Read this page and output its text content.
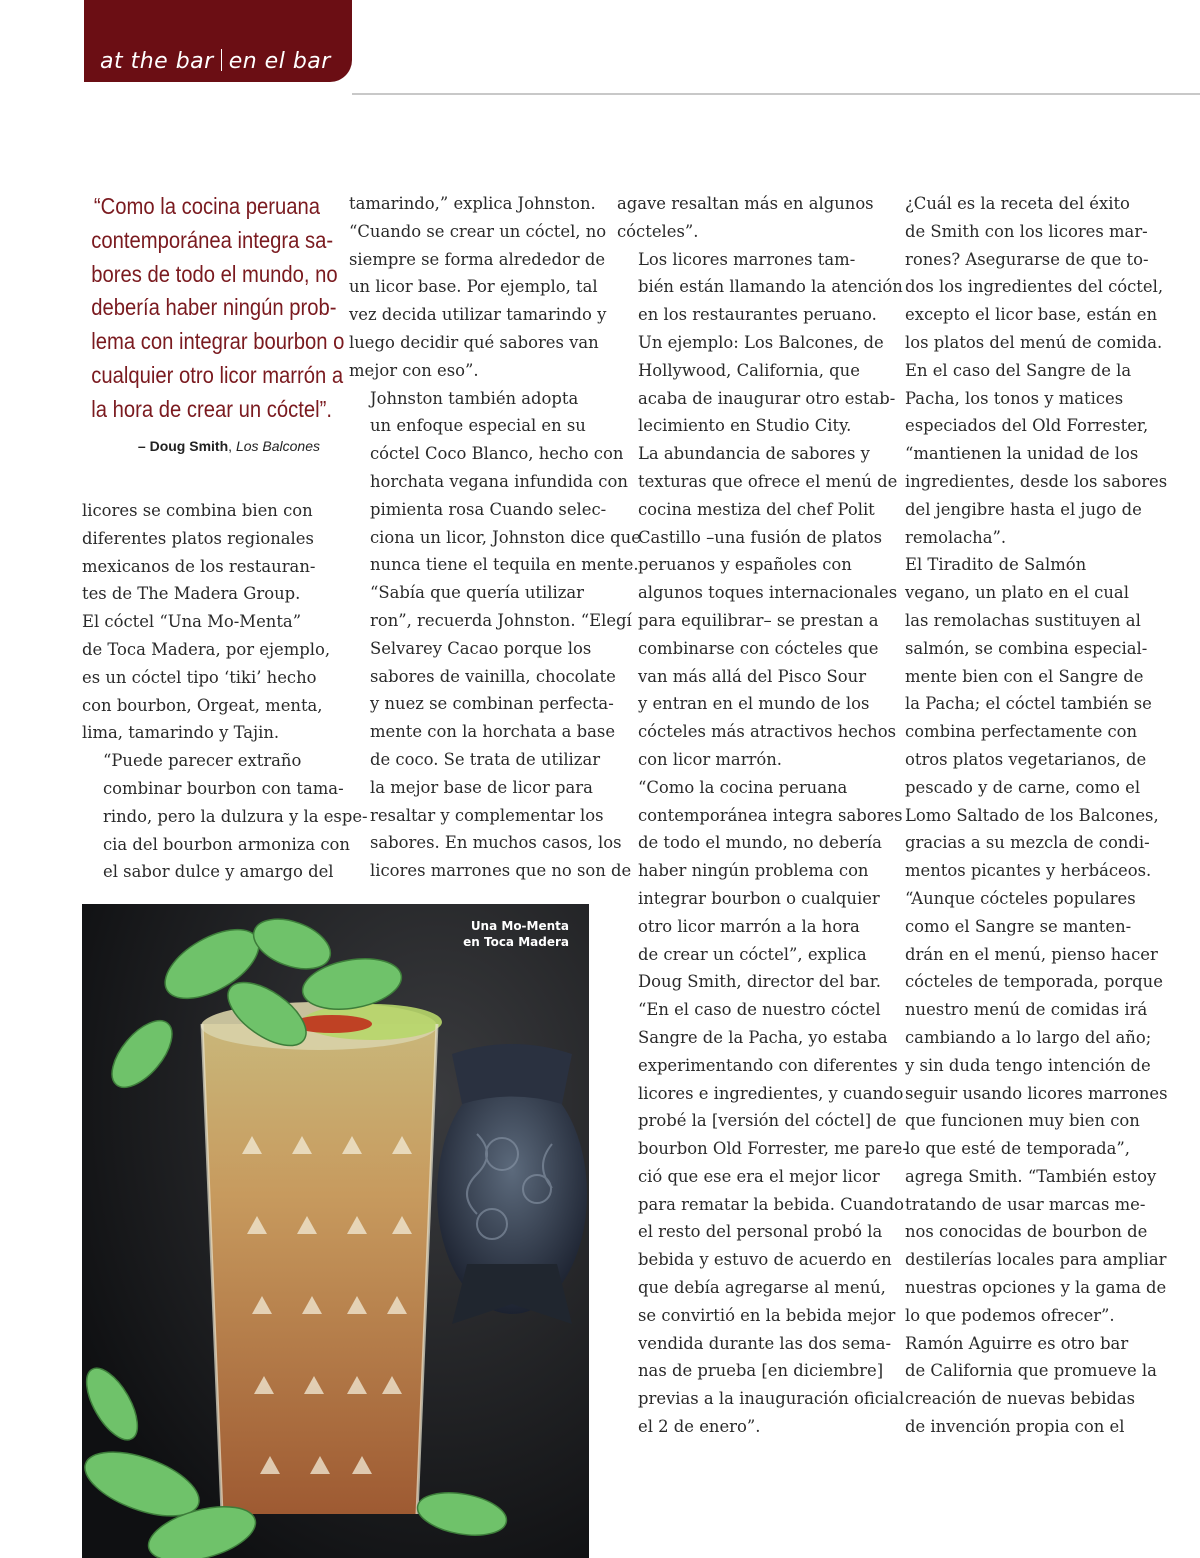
at the bar en el bar
“Como la cocina peruana
contemporánea integra sa-
bores de todo el mundo, no
debería haber ningún prob-
lema con integrar bourbon o
cualquier otro licor marrón a
la hora de crear un cóctel”.
– Doug Smith, Los Balcones

licores se combina bien con
diferentes platos regionales
mexicanos de los restauran-
tes de The Madera Group.
El cóctel “Una Mo-Menta”
de Toca Madera, por ejemplo,
es un cóctel tipo ‘tiki’ hecho
con bourbon, Orgeat, menta,
lima, tamarindo y Tajin.

“Puede parecer extraño
combinar bourbon con tama-
rindo, pero la dulzura y la espe-
cia del bourbon armoniza con
el sabor dulce y amargo del

tamarindo,” explica Johnston.
“Cuando se crear un cóctel, no
siempre se forma alrededor de
un licor base. Por ejemplo, tal
vez decida utilizar tamarindo y
luego decidir qué sabores van
mejor con eso”.

Johnston también adopta
un enfoque especial en su
cóctel Coco Blanco, hecho con
horchata vegana infundida con
pimienta rosa Cuando selec-
ciona un licor, Johnston dice que
nunca tiene el tequila en mente.

“Sabía que quería utilizar
ron”, recuerda Johnston. “Elegí
Selvarey Cacao porque los
sabores de vainilla, chocolate
y nuez se combinan perfecta-
mente con la horchata a base
de coco. Se trata de utilizar
la mejor base de licor para
resaltar y complementar los
sabores. En muchos casos, los
licores marrones que no son de

agave resaltan más en algunos
cócteles”.

Los licores marrones tam-
bién están llamando la atención
en los restaurantes peruano.
Un ejemplo: Los Balcones, de
Hollywood, California, que
acaba de inaugurar otro estab-
lecimiento en Studio City.

La abundancia de sabores y
texturas que ofrece el menú de
cocina mestiza del chef Polit
Castillo –una fusión de platos
peruanos y españoles con
algunos toques internacionales
para equilibrar– se prestan a
combinarse con cócteles que
van más allá del Pisco Sour
y entran en el mundo de los
cócteles más atractivos hechos
con licor marrón.

“Como la cocina peruana
contemporánea integra sabores
de todo el mundo, no debería
haber ningún problema con
integrar bourbon o cualquier
otro licor marrón a la hora
de crear un cóctel”, explica
Doug Smith, director del bar.
“En el caso de nuestro cóctel
Sangre de la Pacha, yo estaba
experimentando con diferentes
licores e ingredientes, y cuando
probé la [versión del cóctel] de
bourbon Old Forrester, me pare-
ció que ese era el mejor licor
para rematar la bebida. Cuando
el resto del personal probó la
bebida y estuvo de acuerdo en
que debía agregarse al menú,
se convirtió en la bebida mejor
vendida durante las dos sema-
nas de prueba [en diciembre]
previas a la inauguración oficial
el 2 de enero”.

¿Cuál es la receta del éxito
de Smith con los licores mar-
rones? Asegurarse de que to-
dos los ingredientes del cóctel,
excepto el licor base, están en
los platos del menú de comida.
En el caso del Sangre de la
Pacha, los tonos y matices
especiados del Old Forrester,
“mantienen la unidad de los
ingredientes, desde los sabores
del jengibre hasta el jugo de
remolacha”.

El Tiradito de Salmón
vegano, un plato en el cual
las remolachas sustituyen al
salmón, se combina especial-
mente bien con el Sangre de
la Pacha; el cóctel también se
combina perfectamente con
otros platos vegetarianos, de
pescado y de carne, como el
Lomo Saltado de los Balcones,
gracias a su mezcla de condi-
mentos picantes y herbáceos.

“Aunque cócteles populares
como el Sangre se manten-
drán en el menú, pienso hacer
cócteles de temporada, porque
nuestro menú de comidas irá
cambiando a lo largo del año;
y sin duda tengo intención de
seguir usando licores marrones
que funcionen muy bien con
lo que esté de temporada”,
agrega Smith. “También estoy
tratando de usar marcas me-
nos conocidas de bourbon de
destilerías locales para ampliar
nuestras opciones y la gama de
lo que podemos ofrecer”.

Ramón Aguirre es otro bar
de California que promueve la
creación de nuevas bebidas
de invención propia con el

Una Mo-Menta
en Toca Madera
